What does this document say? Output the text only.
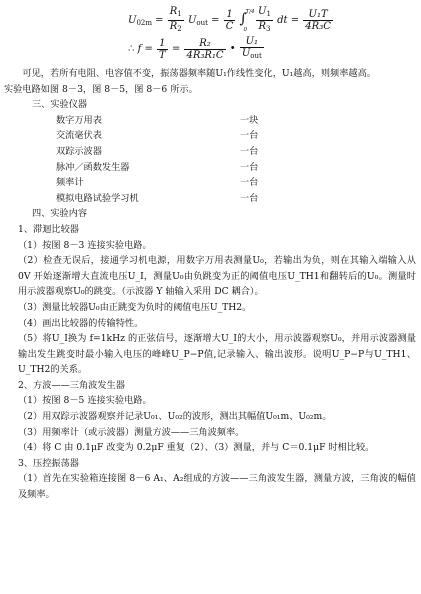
$U_{02m} = \frac{R_1}{R_2} U_{out} = \frac{1}{C}$ ∫
T/4
0
$\frac{U_1}{R_3}$ dt = $\frac{\text{U₁T}}{\text{4R₃C}}$
∴ $f = \frac{1}{T} = \frac{\text{R₂}}{\text{4R₃R₁C}}$ • $\frac{\text{U₁}}{U_{out}}$

可见，若所有电阻、电容值不变，振荡器频率随U₁作线性变化，U₁越高，则频率越高。

实验电路如图 8－3，图 8－5，图 8－6 所示。

三、实验仪器

数字万用表	一块
交流毫伏表	一台
双踪示波器	一台
脉冲／函数发生器	一台
频率计	一台
模拟电路试验学习机	一台

四、实验内容

1、滞迴比较器

（1）按图 8－3 连接实验电路。

（2）检查无误后，接通学习机电源，用数字万用表测量U₀，若输出为负，则在其输入端输入从 0V 开始逐渐增大直流电压U_I，测量U₀由负跳变为正的阈值电压U_TH1和翻转后的U₀。测量时用示波器观察U₀的跳变。（示波器 Y 轴输入采用 DC 耦合）。

（3）测量比较器U₀由正跳变为负时的阈值电压U_TH2。

（4）画出比较器的传输特性。

（5）将U_I换为 f=1kHz 的正弦信号，逐渐增大U_I的大小，用示波器观察U₀，并用示波器测量输出发生跳变时最小输入电压的峰峰U_P−P值,记录输入、输出波形。说明U_P−P与U_TH1、U_TH2的关系。

2、方波——三角波发生器

（1）按图 8－5 连接实验电路。

（2）用双踪示波器观察并记录U₀₁、U₀₂的波形，测出其幅值U₀₁m、U₀₂m。

（3）用频率计（或示波器）测量方波——三角波频率。

（4）将 C 由 0.1μF 改变为 0.2μF 重复（2）、（3）测量，并与 C＝0.1μF 时相比较。

3、压控振荡器

（1）首先在实验箱连接图 8－6 A₁、A₂组成的方波——三角波发生器，测量方波，三角波的幅值及频率。
